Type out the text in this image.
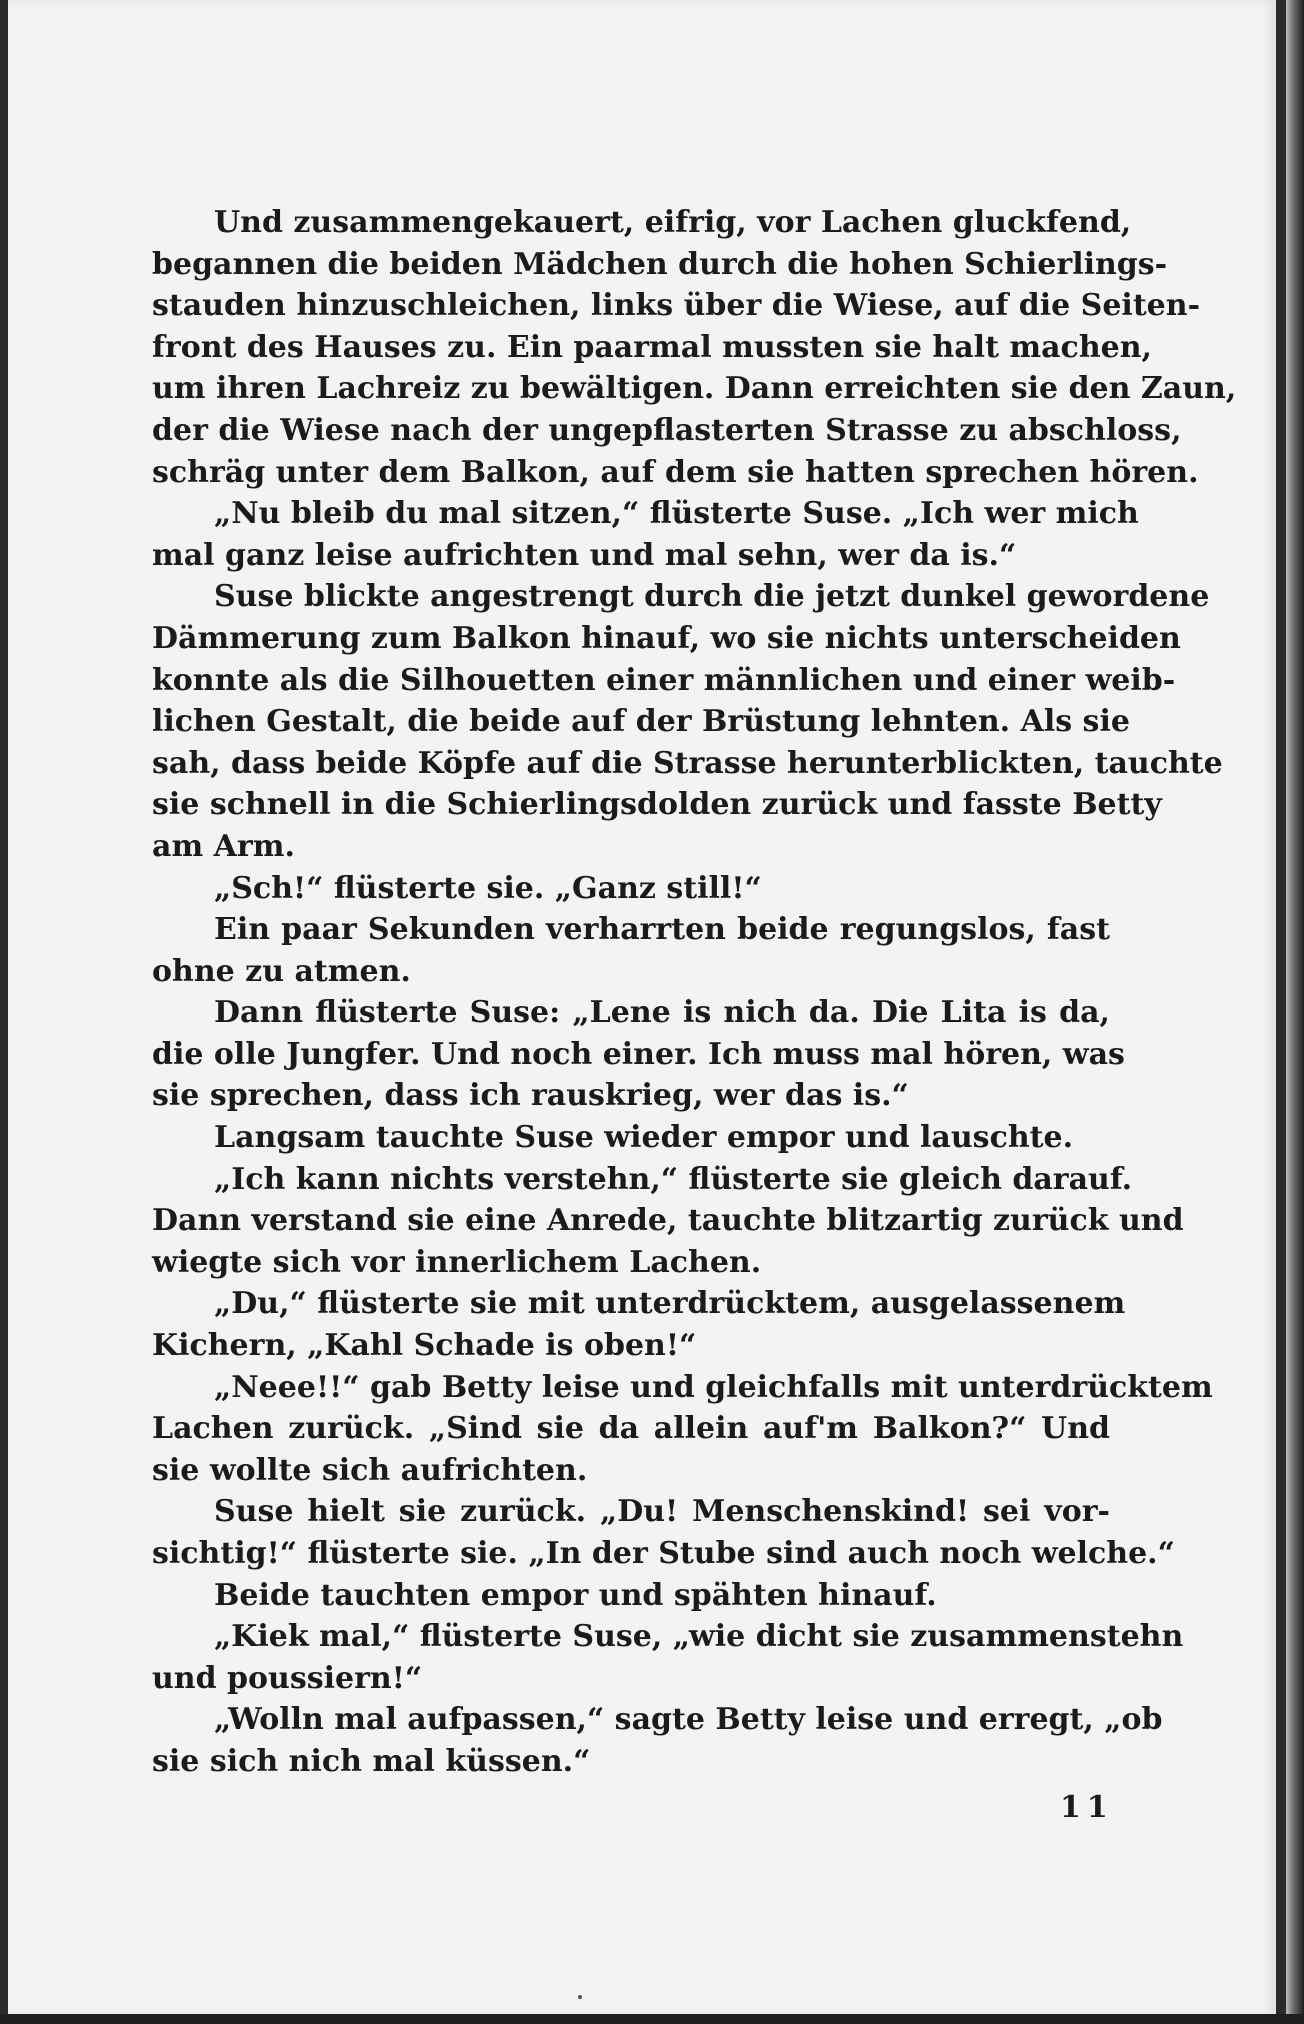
Und zusammengekauert, eifrig, vor Lachen gluckfend,
begannen die beiden Mädchen durch die hohen Schierlings-
stauden hinzuschleichen, links über die Wiese, auf die Seiten-
front des Hauses zu. Ein paarmal mussten sie halt machen,
um ihren Lachreiz zu bewältigen. Dann erreichten sie den Zaun,
der die Wiese nach der ungepflasterten Strasse zu abschloss,
schräg unter dem Balkon, auf dem sie hatten sprechen hören.
„Nu bleib du mal sitzen,“ flüsterte Suse. „Ich wer mich
mal ganz leise aufrichten und mal sehn, wer da is.“
Suse blickte angestrengt durch die jetzt dunkel gewordene
Dämmerung zum Balkon hinauf, wo sie nichts unterscheiden
konnte als die Silhouetten einer männlichen und einer weib-
lichen Gestalt, die beide auf der Brüstung lehnten. Als sie
sah, dass beide Köpfe auf die Strasse herunterblickten, tauchte
sie schnell in die Schierlingsdolden zurück und fasste Betty
am Arm.
„Sch!“ flüsterte sie. „Ganz still!“
Ein paar Sekunden verharrten beide regungslos, fast
ohne zu atmen.
Dann flüsterte Suse: „Lene is nich da. Die Lita is da,
die olle Jungfer. Und noch einer. Ich muss mal hören, was
sie sprechen, dass ich rauskrieg, wer das is.“
Langsam tauchte Suse wieder empor und lauschte.
„Ich kann nichts verstehn,“ flüsterte sie gleich darauf.
Dann verstand sie eine Anrede, tauchte blitzartig zurück und
wiegte sich vor innerlichem Lachen.
„Du,“ flüsterte sie mit unterdrücktem, ausgelassenem
Kichern, „Kahl Schade is oben!“
„Neee!!“ gab Betty leise und gleichfalls mit unterdrücktem
Lachen zurück. „Sind sie da allein auf'm Balkon?“ Und
sie wollte sich aufrichten.
Suse hielt sie zurück. „Du! Menschenskind! sei vor-
sichtig!“ flüsterte sie. „In der Stube sind auch noch welche.“
Beide tauchten empor und spähten hinauf.
„Kiek mal,“ flüsterte Suse, „wie dicht sie zusammenstehn
und poussiern!“
„Wolln mal aufpassen,“ sagte Betty leise und erregt, „ob
sie sich nich mal küssen.“
11
